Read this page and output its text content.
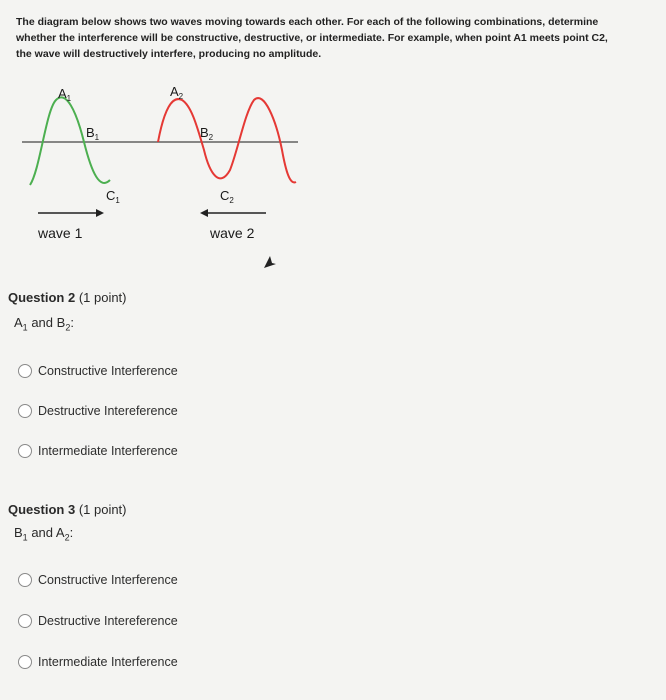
The diagram below shows two waves moving towards each other. For each of the following combinations, determine
whether the interference will be constructive, destructive, or intermediate. For example, when point A1 meets point C2,
the wave will destructively interfere, producing no amplitude.
$A_1$
$B_1$
$C_1$
$A_2$
$B_2$
$C_2$
wave 1	wave 2
Question 2 (1 point)
$A_1$ and $B_2$:
Constructive Interference
Destructive Intereference
Intermediate Interference
Question 3 (1 point)
$B_1$ and $A_2$:
Constructive Interference
Destructive Intereference
Intermediate Interference
